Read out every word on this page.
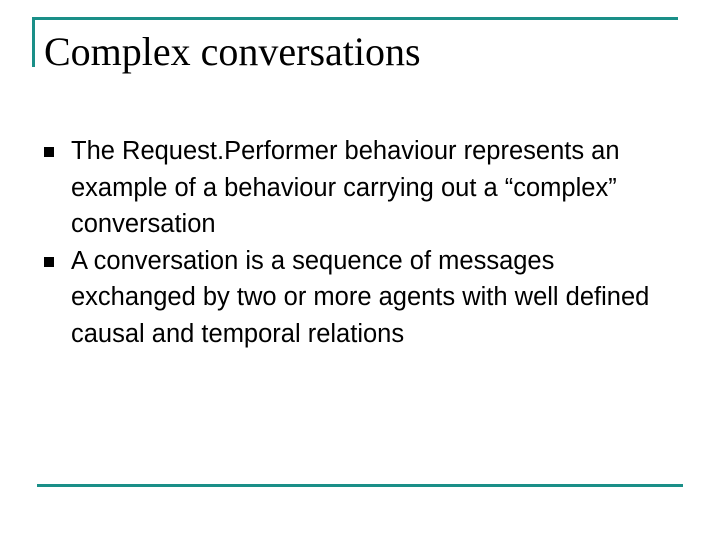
Complex conversations
The Request.Performer behaviour represents an example of a behaviour carrying out a “complex” conversation
A conversation is a sequence of messages exchanged by two or more agents with well defined causal and temporal relations
